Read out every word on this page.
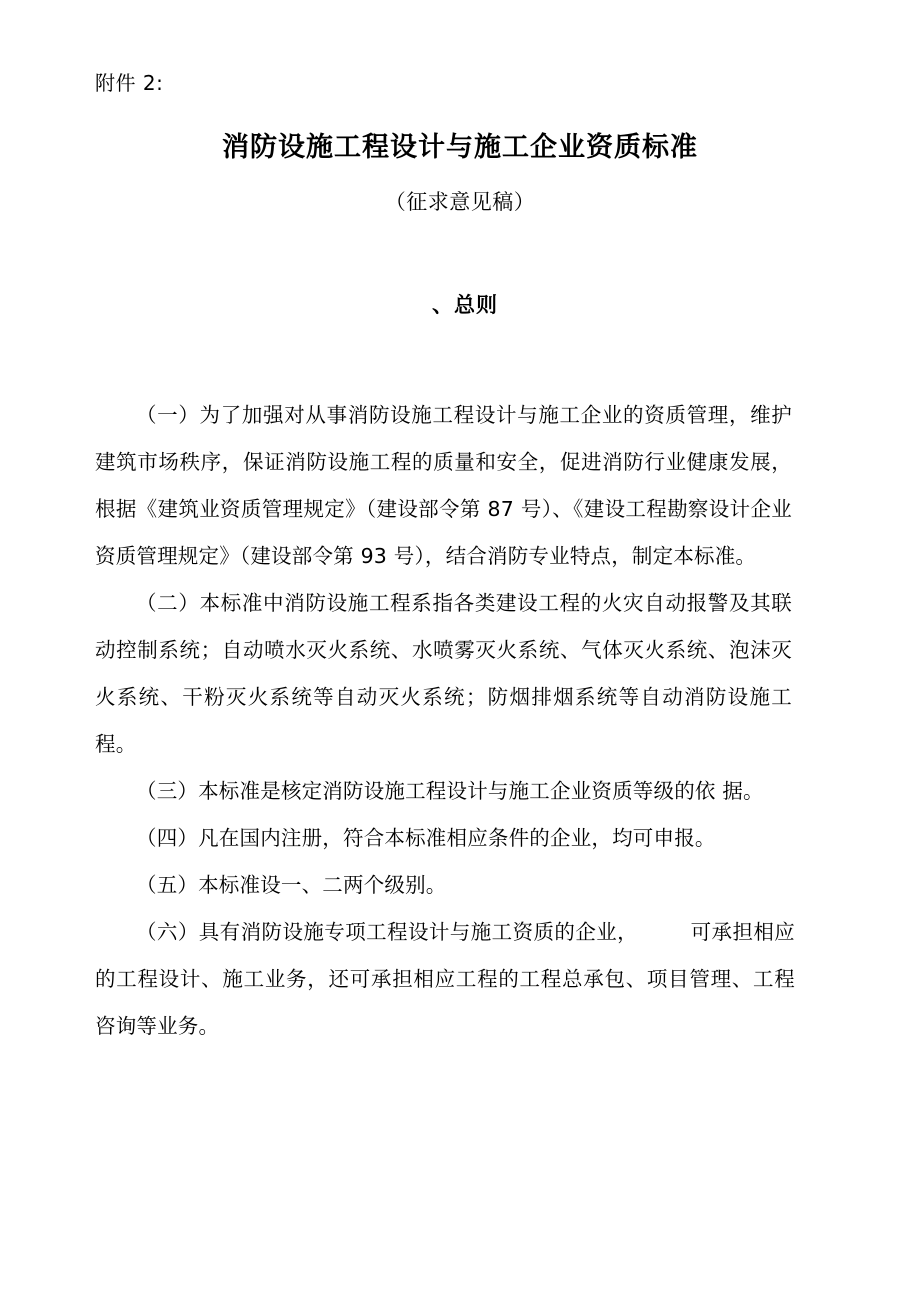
附件 2:
消防设施工程设计与施工企业资质标准
（征求意见稿）
、总则

（一）为了加强对从事消防设施工程设计与施工企业的资质管理，维护建筑市场秩序，保证消防设施工程的质量和安全，促进消防行业健康发展，根据《建筑业资质管理规定》（建设部令第 87 号）、《建设工程勘察设计企业资质管理规定》（建设部令第 93 号），结合消防专业特点，制定本标准。

（二）本标准中消防设施工程系指各类建设工程的火灾自动报警及其联动控制系统；自动喷水灭火系统、水喷雾灭火系统、气体灭火系统、泡沫灭火系统、干粉灭火系统等自动灭火系统；防烟排烟系统等自动消防设施工程。

（三）本标准是核定消防设施工程设计与施工企业资质等级的依 据。

（四）凡在国内注册，符合本标准相应条件的企业，均可申报。

（五）本标准设一、二两个级别。

（六）具有消防设施专项工程设计与施工资质的企业，　　　可承担相应的工程设计、施工业务，还可承担相应工程的工程总承包、项目管理、工程咨询等业务。
